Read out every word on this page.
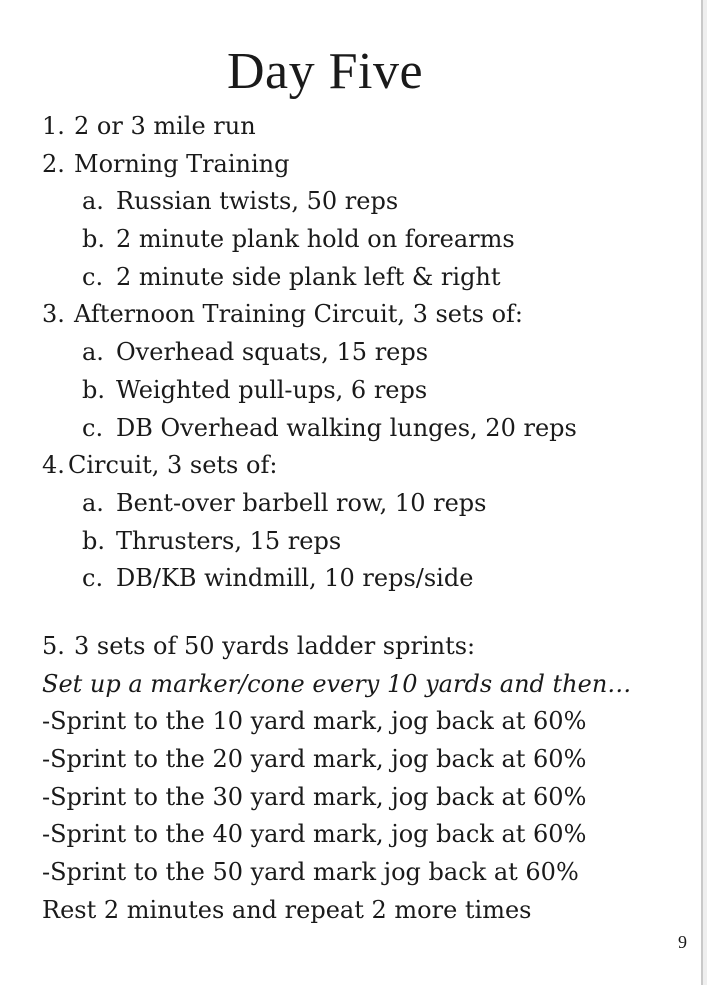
Day Five
1. 2 or 3 mile run
2. Morning Training
a. Russian twists, 50 reps
b. 2 minute plank hold on forearms
c. 2 minute side plank left & right
3. Afternoon Training Circuit, 3 sets of:
a. Overhead squats, 15 reps
b. Weighted pull-ups, 6 reps
c. DB Overhead walking lunges, 20 reps
4. Circuit, 3 sets of:
a. Bent-over barbell row, 10 reps
b. Thrusters, 15 reps
c. DB/KB windmill, 10 reps/side
5. 3 sets of 50 yards ladder sprints:
Set up a marker/cone every 10 yards and then…
-Sprint to the 10 yard mark, jog back at 60%
-Sprint to the 20 yard mark, jog back at 60%
-Sprint to the 30 yard mark, jog back at 60%
-Sprint to the 40 yard mark, jog back at 60%
-Sprint to the 50 yard mark jog back at 60%
Rest 2 minutes and repeat 2 more times
9
